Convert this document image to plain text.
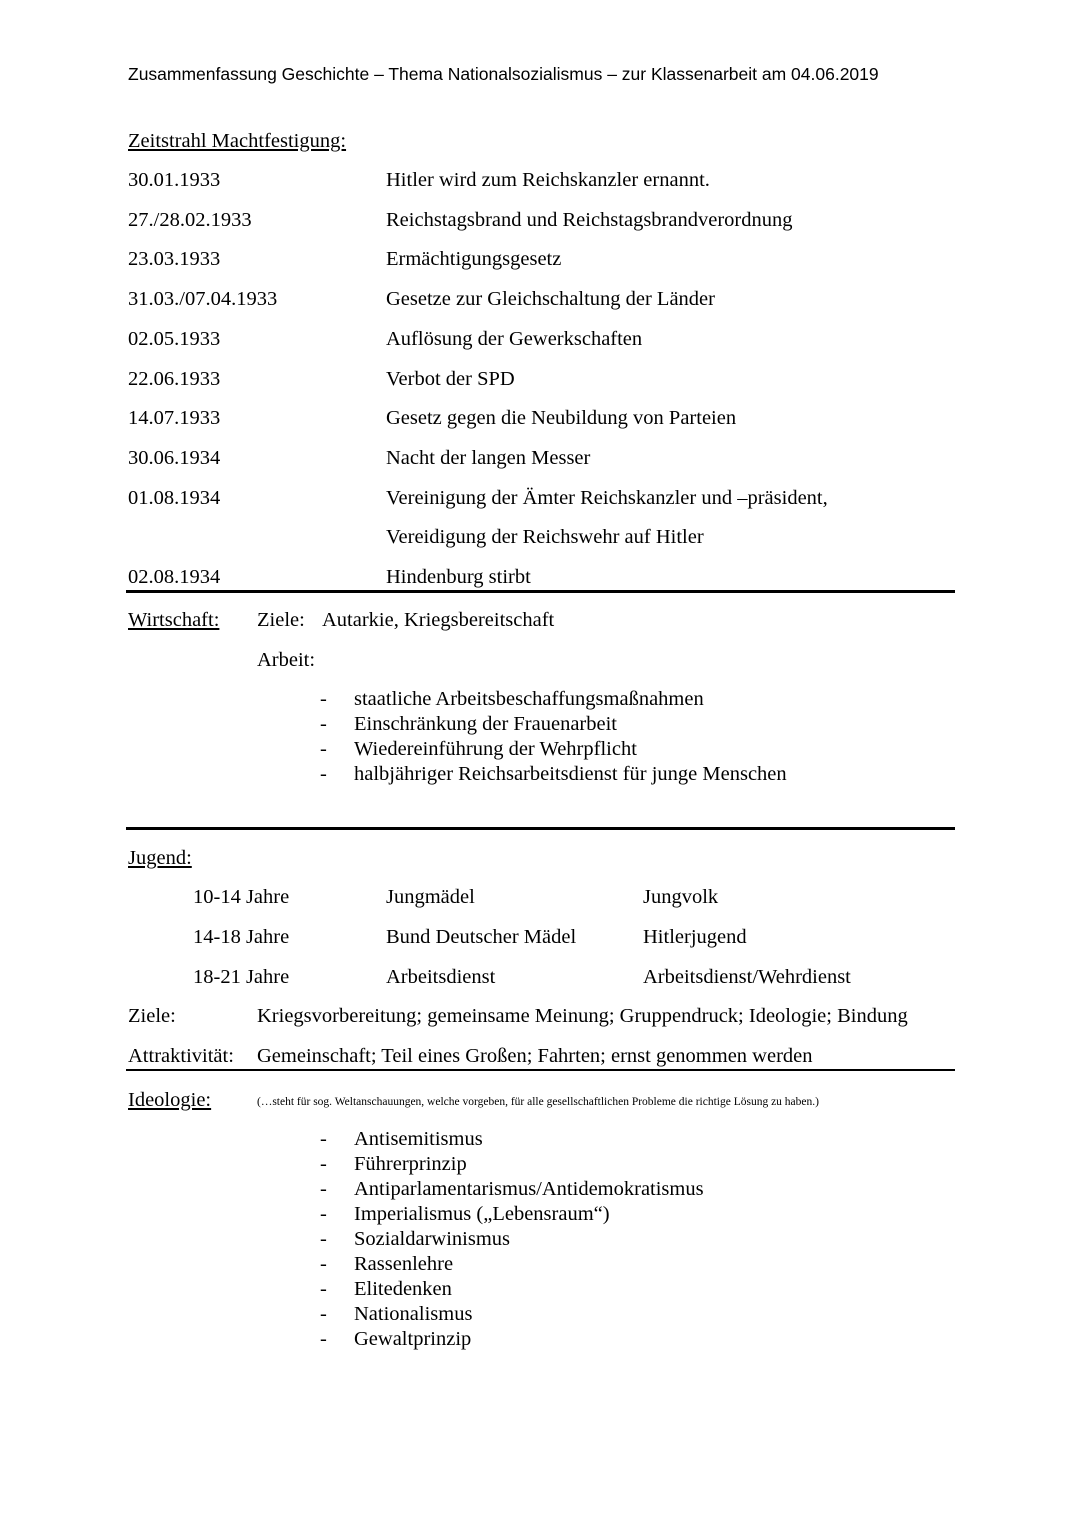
Zusammenfassung Geschichte – Thema Nationalsozialismus – zur Klassenarbeit am 04.06.2019
Zeitstrahl Machtfestigung:
30.01.1933	Hitler wird zum Reichskanzler ernannt.
27./28.02.1933	Reichstagsbrand und Reichstagsbrandverordnung
23.03.1933	Ermächtigungsgesetz
31.03./07.04.1933	Gesetze zur Gleichschaltung der Länder
02.05.1933	Auflösung der Gewerkschaften
22.06.1933	Verbot der SPD
14.07.1933	Gesetz gegen die Neubildung von Parteien
30.06.1934	Nacht der langen Messer
01.08.1934	Vereinigung der Ämter Reichskanzler und –präsident,
Vereidigung der Reichswehr auf Hitler
02.08.1934	Hindenburg stirbt
Wirtschaft: Ziele: Autarkie, Kriegsbereitschaft
Arbeit:
- staatliche Arbeitsbeschaffungsmaßnahmen
- Einschränkung der Frauenarbeit
- Wiedereinführung der Wehrpflicht
- halbjähriger Reichsarbeitsdienst für junge Menschen
Jugend:
10-14 Jahre	Jungmädel	Jungvolk
14-18 Jahre	Bund Deutscher Mädel	Hitlerjugend
18-21 Jahre	Arbeitsdienst	Arbeitsdienst/Wehrdienst
Ziele:	Kriegsvorbereitung; gemeinsame Meinung; Gruppendruck; Ideologie; Bindung
Attraktivität: Gemeinschaft; Teil eines Großen; Fahrten; ernst genommen werden
Ideologie:	(…steht für sog. Weltanschauungen, welche vorgeben, für alle gesellschaftlichen Probleme die richtige Lösung zu haben.)
- Antisemitismus
- Führerprinzip
- Antiparlamentarismus/Antidemokratismus
- Imperialismus („Lebensraum“)
- Sozialdarwinismus
- Rassenlehre
- Elitedenken
- Nationalismus
- Gewaltprinzip
